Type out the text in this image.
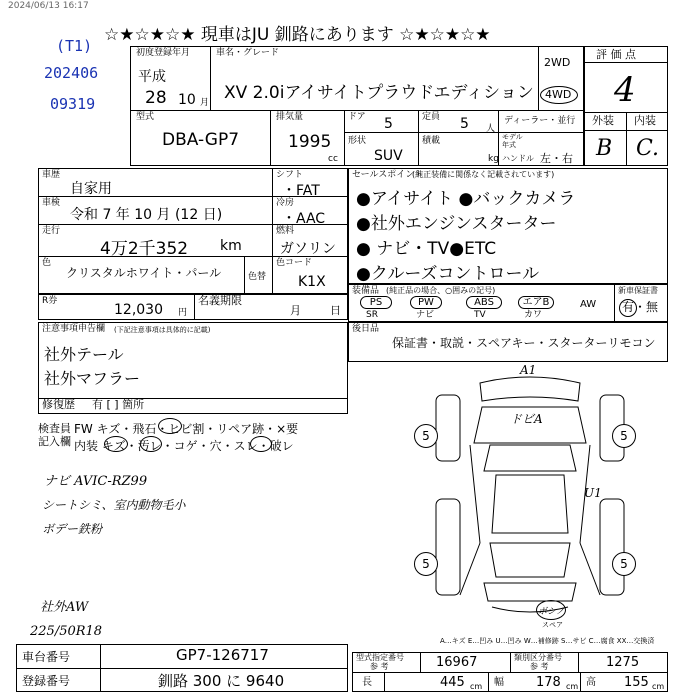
2024/06/13 16:17
☆★☆★☆★ 現車はJU 釧路にあります ☆★☆★☆★
(T1)
202406
09319
初度登録年月
平成
28 10 月
車名・グレード
XV 2.0iアイサイトプラウドエディション
2WD
4WD
評 価 点
4
外装 内装
B C.
型式
DBA-GP7
排気量
1995
cc
ドア 5	定員 5 人
ディーラー・並行
形状
SUV
積載
kg
モデル
年式
ハンドル 左・右
車歴
自家用
車検
令和 7 年 10 月 (12 日)
走行
4万2千352 km
色
クリスタルホワイト・パール	色替
シフト
・FAT
冷房
・AAC
燃料
ガソリン
色コード
K1X
R券
12,030 円
名義期限
月	日
セールスポイント
(純正装備に関係なく記載されています)
●アイサイト ●バックカメラ
●社外エンジンスターター
● ナビ・TV●ETC
●クルーズコントロール
装備品 (純正品の場合、○囲みの記号)
PS
SR
PW
ナビ
ABS
TV
エアB
カワ
AW
新車保証書
有・無
注意事項申告欄 (下記注意事項は具体的に記載)
社外テール
社外マフラー
修復歴 有 [ ] 箇所
後日品
保証書・取説・スペアキー・スターターリモコン
検査員
記入欄
FW キズ・飛石・ヒビ割・リペア跡・×要
内装 キズ・汚レ・コゲ・穴・スレ・破レ
ナビ AVIC-RZ99
シートシミ、室内動物毛小
ボデー鉄粉
社外AW
225/50R18
A1
ドビA
U1
5	5
5	5
ボシノ
スペア
A…キズ E…凹み U…凹み W…補修跡 S…サビ C…腐食 XX…交換済
車台番号	GP7-126717
登録番号	釧路 300 に 9640
型式指定番号
参 考	16967	類別区分番号
参 考	1275
長	445 cm 幅 178 cm 高 155 cm
